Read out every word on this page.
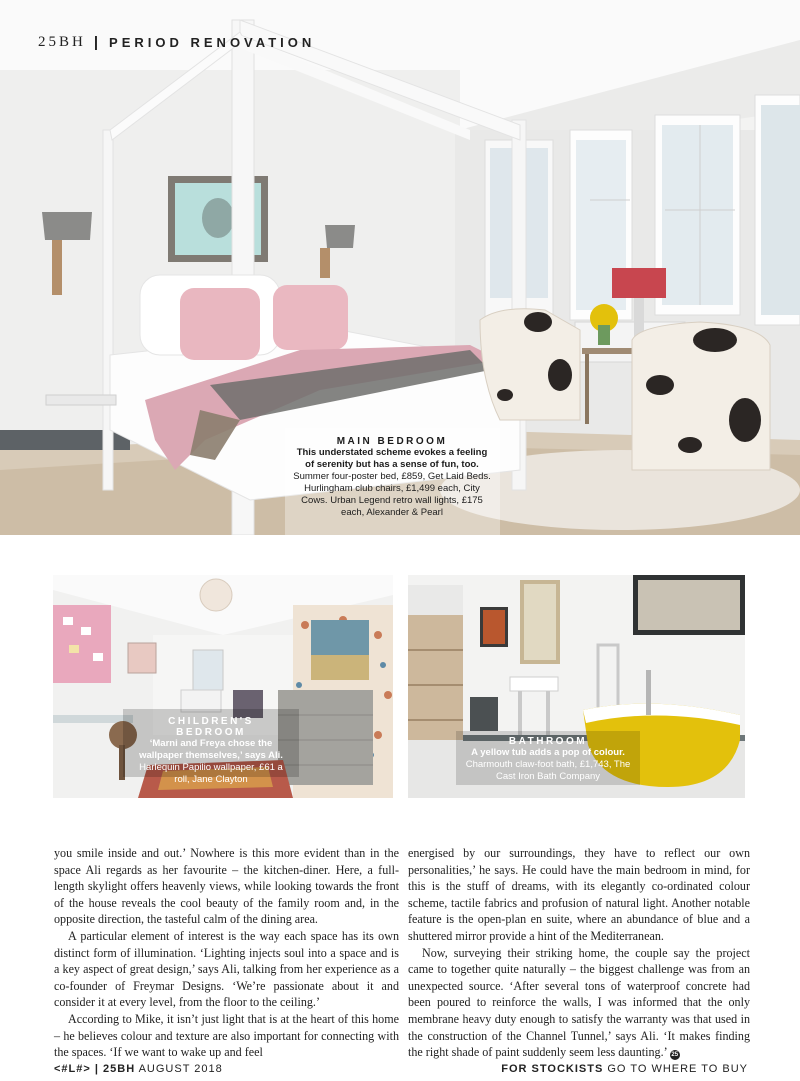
25BH | PERIOD RENOVATION
MAIN BEDROOM
This understated scheme evokes a feeling of serenity but has a sense of fun, too.
Summer four-poster bed, £859, Get Laid Beds. Hurlingham club chairs, £1,499 each, City Cows. Urban Legend retro wall lights, £175 each, Alexander & Pearl
CHILDREN'S BEDROOM
‘Marni and Freya chose the wallpaper themselves,’ says Ali.
Harlequin Papilio wallpaper, £61 a roll, Jane Clayton
BATHROOM
A yellow tub adds a pop of colour.
Charmouth claw-foot bath, £1,743, The Cast Iron Bath Company

you smile inside and out.’ Nowhere is this more evident than in the space Ali regards as her favourite – the kitchen-diner. Here, a full-length skylight offers heavenly views, while looking towards the front of the house reveals the cool beauty of the family room and, in the opposite direction, the tasteful calm of the dining area.

A particular element of interest is the way each space has its own distinct form of illumination. ‘Lighting injects soul into a space and is a key aspect of great design,’ says Ali, talking from her experience as a co-founder of Freymar Designs. ‘We’re passionate about it and consider it at every level, from the floor to the ceiling.’

According to Mike, it isn’t just light that is at the heart of this home – he believes colour and texture are also important for connecting with the spaces. ‘If we want to wake up and feel

energised by our surroundings, they have to reflect our own personalities,’ he says. He could have the main bedroom in mind, for this is the stuff of dreams, with its elegantly co-ordinated colour scheme, tactile fabrics and profusion of natural light. Another notable feature is the open-plan en suite, where an abundance of blue and a shuttered mirror provide a hint of the Mediterranean.

Now, surveying their striking home, the couple say the project came to together quite naturally – the biggest challenge was from an unexpected source. ‘After several tons of waterproof concrete had been poured to reinforce the walls, I was informed that the only membrane heavy duty enough to satisfy the warranty was that used in the construction of the Channel Tunnel,’ says Ali. ‘It makes finding the right shade of paint suddenly seem less daunting.’ 25

<#L#> | 25BH AUGUST 2018	FOR STOCKISTS GO TO WHERE TO BUY
